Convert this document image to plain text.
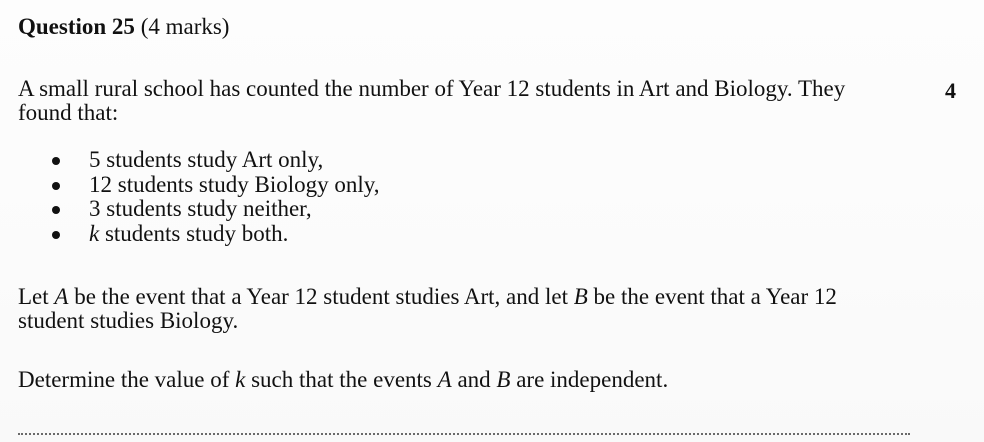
Question 25 (4 marks)
4
A small rural school has counted the number of Year 12 students in Art and Biology. They
found that:
5 students study Art only,
12 students study Biology only,
3 students study neither,
k students study both.
Let A be the event that a Year 12 student studies Art, and let B be the event that a Year 12
student studies Biology.
Determine the value of k such that the events A and B are independent.
